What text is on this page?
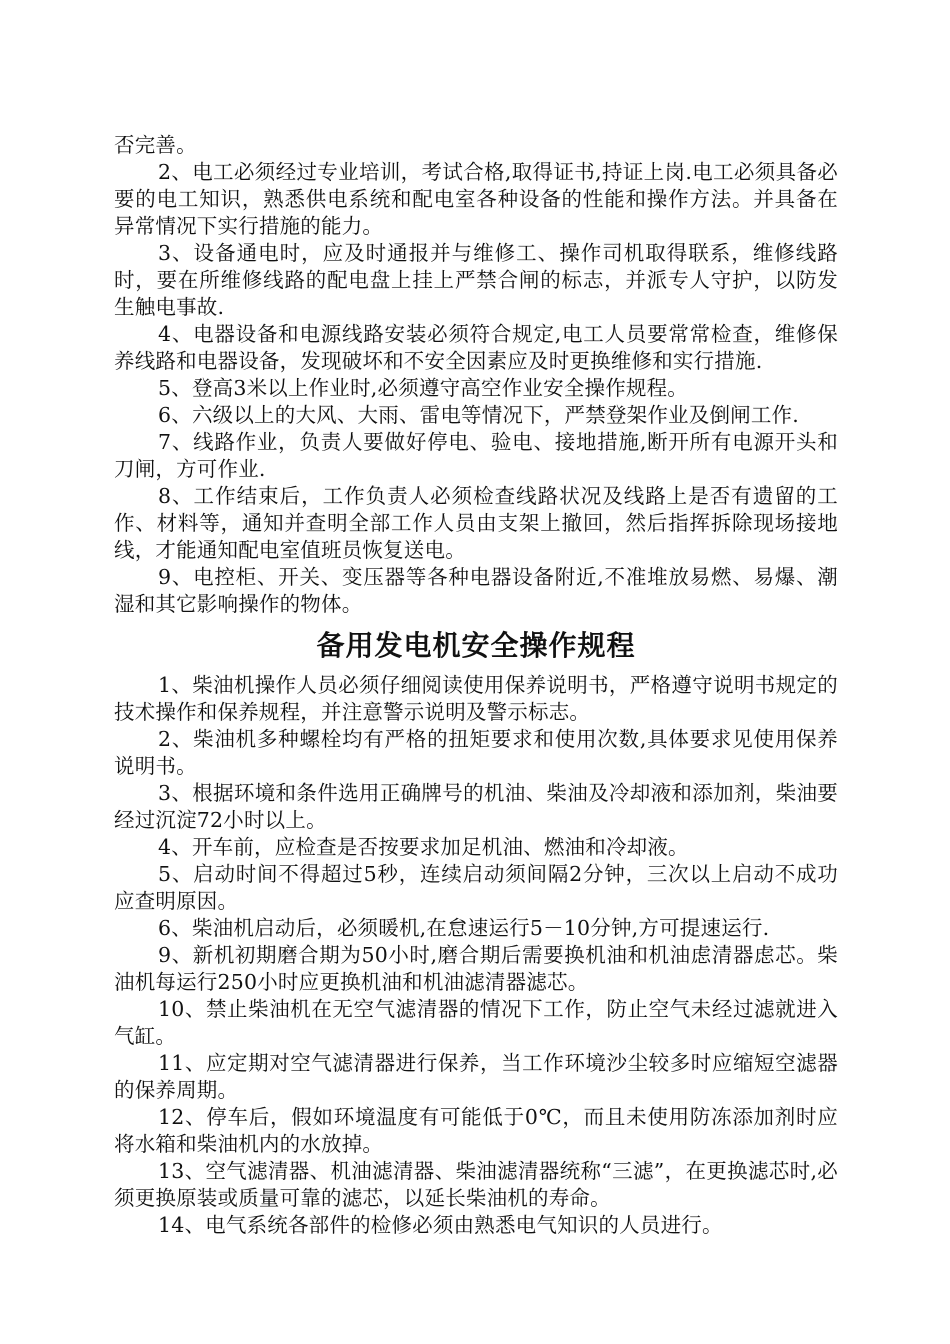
否完善。

2、电工必须经过专业培训，考试合格,取得证书,持证上岗.电工必须具备必要的电工知识，熟悉供电系统和配电室各种设备的性能和操作方法。并具备在异常情况下实行措施的能力。

3、设备通电时，应及时通报并与维修工、操作司机取得联系，维修线路时，要在所维修线路的配电盘上挂上严禁合闸的标志，并派专人守护，以防发生触电事故.

4、电器设备和电源线路安装必须符合规定,电工人员要常常检查，维修保养线路和电器设备，发现破坏和不安全因素应及时更换维修和实行措施.

5、登高3米以上作业时,必须遵守高空作业安全操作规程。

6、六级以上的大风、大雨、雷电等情况下，严禁登架作业及倒闸工作.

7、线路作业，负责人要做好停电、验电、接地措施,断开所有电源开头和刀闸，方可作业.

8、工作结束后，工作负责人必须检查线路状况及线路上是否有遗留的工作、材料等，通知并查明全部工作人员由支架上撤回，然后指挥拆除现场接地线，才能通知配电室值班员恢复送电。

9、电控柜、开关、变压器等各种电器设备附近,不准堆放易燃、易爆、潮湿和其它影响操作的物体。

备用发电机安全操作规程

1、柴油机操作人员必须仔细阅读使用保养说明书，严格遵守说明书规定的技术操作和保养规程，并注意警示说明及警示标志。

2、柴油机多种螺栓均有严格的扭矩要求和使用次数,具体要求见使用保养说明书。

3、根据环境和条件选用正确牌号的机油、柴油及冷却液和添加剂，柴油要经过沉淀72小时以上。

4、开车前，应检查是否按要求加足机油、燃油和冷却液。

5、启动时间不得超过5秒，连续启动须间隔2分钟，三次以上启动不成功应查明原因。

6、柴油机启动后，必须暖机,在怠速运行5－10分钟,方可提速运行.

9、新机初期磨合期为50小时,磨合期后需要换机油和机油虑清器虑芯。柴油机每运行250小时应更换机油和机油滤清器滤芯。

10、禁止柴油机在无空气滤清器的情况下工作，防止空气未经过滤就进入气缸。

11、应定期对空气滤清器进行保养，当工作环境沙尘较多时应缩短空滤器的保养周期。

12、停车后，假如环境温度有可能低于0℃，而且未使用防冻添加剂时应将水箱和柴油机内的水放掉。

13、空气滤清器、机油滤清器、柴油滤清器统称“三滤”，在更换滤芯时,必须更换原装或质量可靠的滤芯，以延长柴油机的寿命。

14、电气系统各部件的检修必须由熟悉电气知识的人员进行。
